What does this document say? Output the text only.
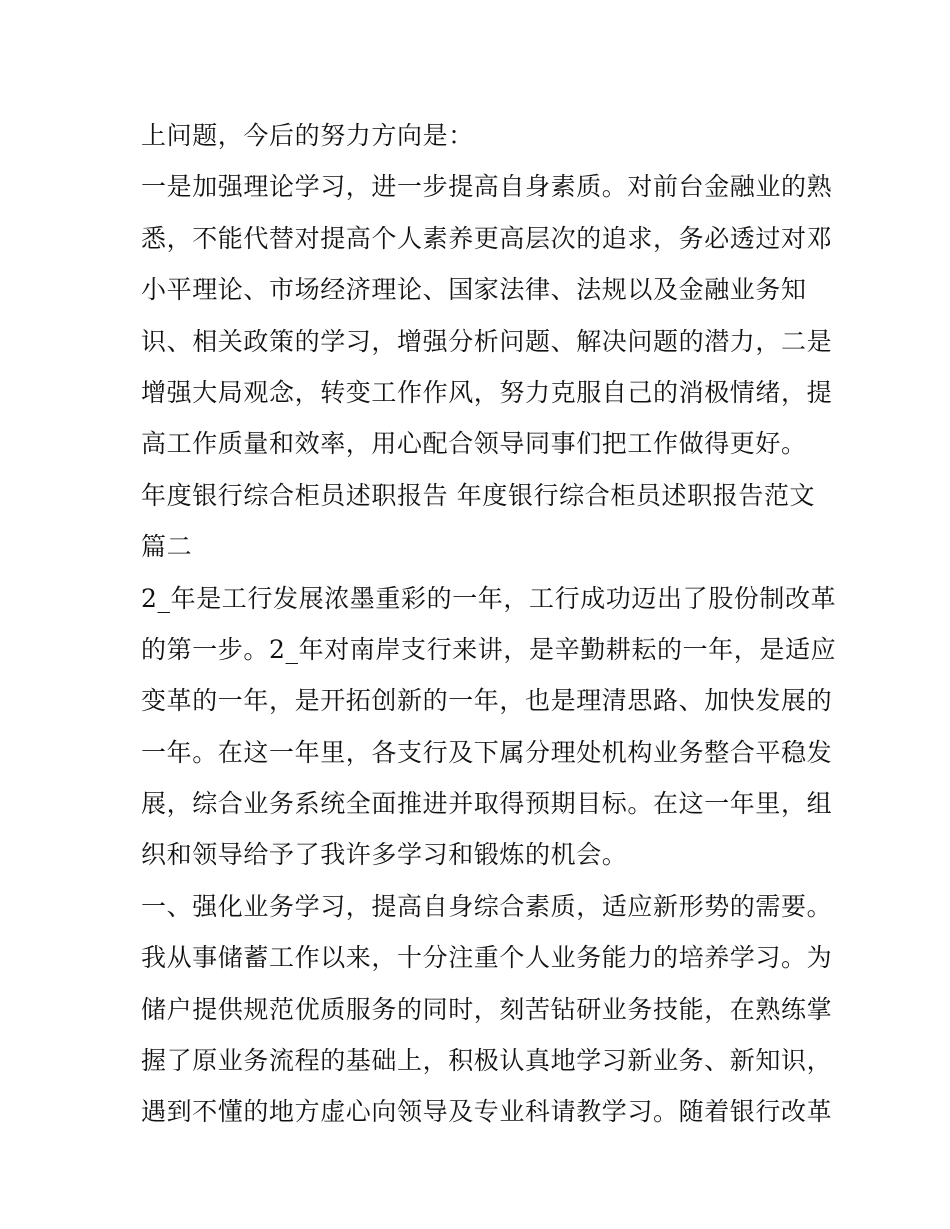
上问题，今后的努力方向是：
一是加强理论学习，进一步提高自身素质。对前台金融业的熟
悉，不能代替对提高个人素养更高层次的追求，务必透过对邓
小平理论、市场经济理论、国家法律、法规以及金融业务知
识、相关政策的学习，增强分析问题、解决问题的潜力，二是
增强大局观念，转变工作作风，努力克服自己的消极情绪，提
高工作质量和效率，用心配合领导同事们把工作做得更好。
年度银行综合柜员述职报告 年度银行综合柜员述职报告范文
篇二
2_年是工行发展浓墨重彩的一年，工行成功迈出了股份制改革
的第一步。2_年对南岸支行来讲，是辛勤耕耘的一年，是适应
变革的一年，是开拓创新的一年，也是理清思路、加快发展的
一年。在这一年里，各支行及下属分理处机构业务整合平稳发
展，综合业务系统全面推进并取得预期目标。在这一年里，组
织和领导给予了我许多学习和锻炼的机会。
一、强化业务学习，提高自身综合素质，适应新形势的需要。
我从事储蓄工作以来，十分注重个人业务能力的培养学习。为
储户提供规范优质服务的同时，刻苦钻研业务技能，在熟练掌
握了原业务流程的基础上，积极认真地学习新业务、新知识，
遇到不懂的地方虚心向领导及专业科请教学习。随着银行改革
